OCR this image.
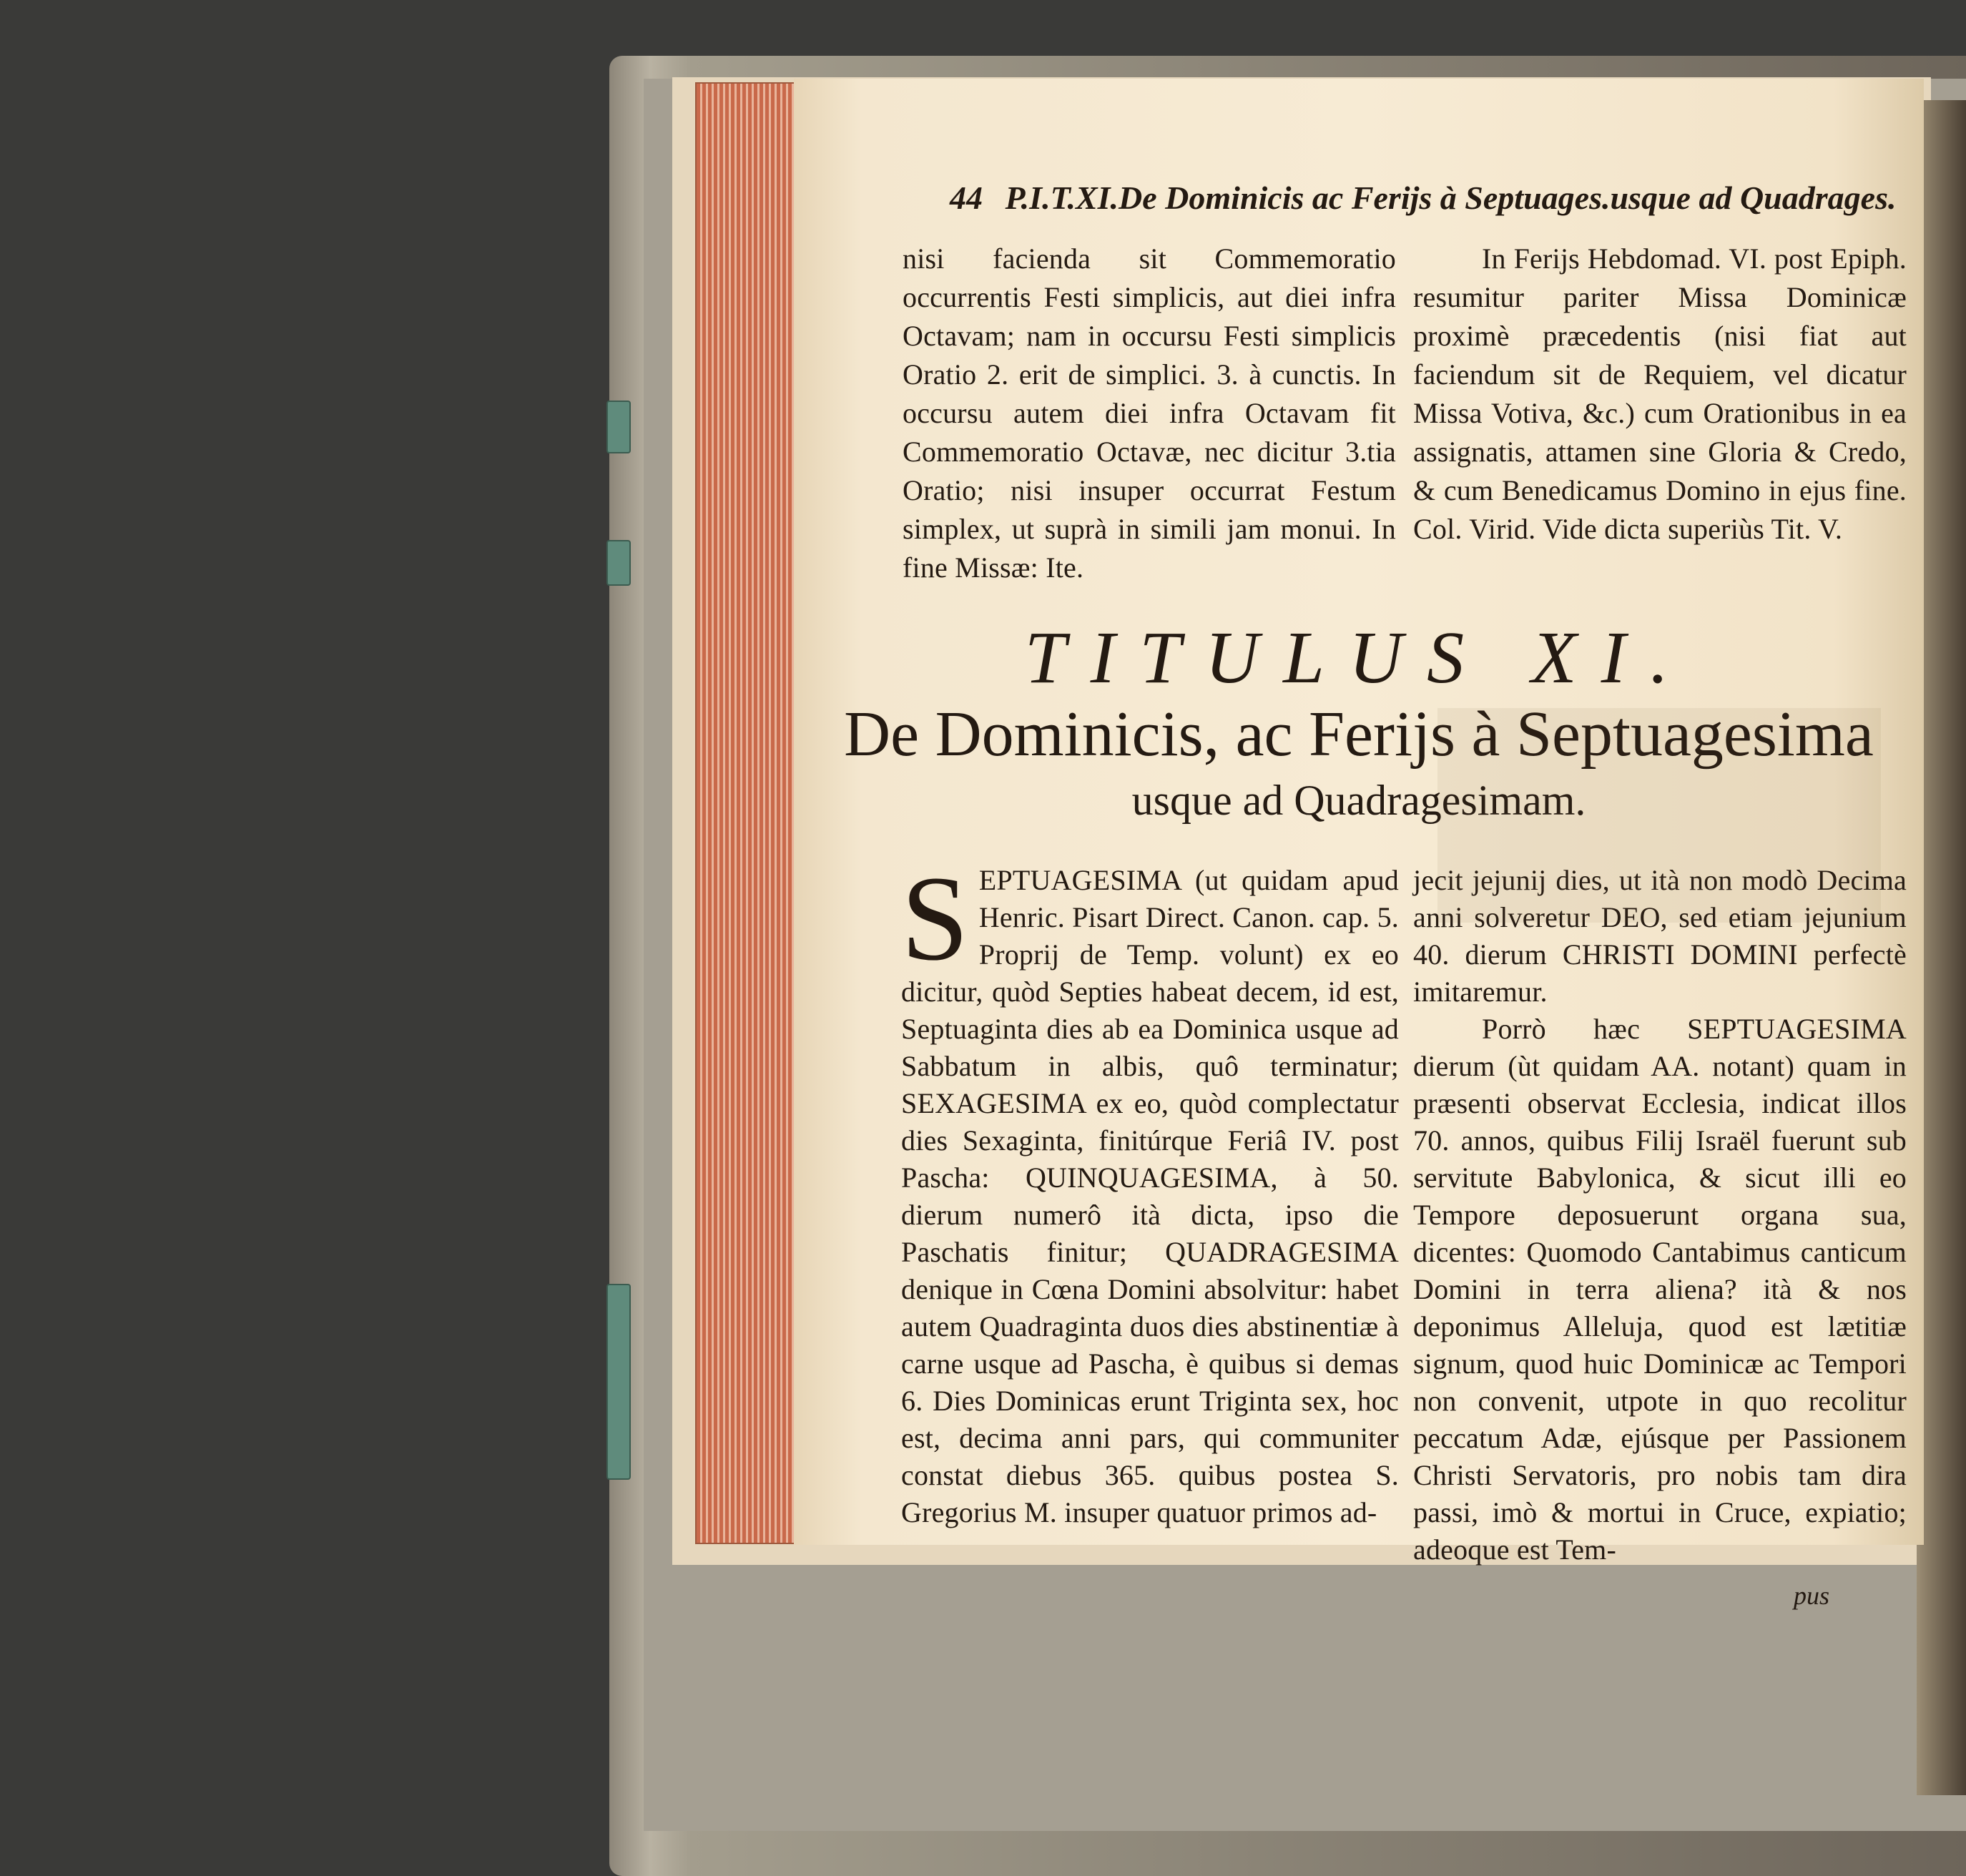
44 P.I.T.XI.De Dominicis ac Ferijs à Septuages.usque ad Quadrages.
nisi facienda sit Commemoratio occurrentis Festi simplicis, aut diei infra Octavam; nam in occursu Festi simplicis Oratio 2. erit de simplici. 3. à cunctis. In occursu autem diei infra Octavam fit Commemoratio Octavæ, nec dicitur 3.tia Oratio; nisi insuper occurrat Festum simplex, ut suprà in simili jam monui. In fine Missæ: Ite.
In Ferijs Hebdomad. VI. post Epiph. resumitur pariter Missa Dominicæ proximè præcedentis (nisi fiat aut faciendum sit de Requiem, vel dicatur Missa Votiva, &c.) cum Orationibus in ea assignatis, attamen sine Gloria & Credo, & cum Benedicamus Domino in ejus fine. Col. Virid. Vide dicta superiùs Tit. V.
TITULUS XI.
De Dominicis, ac Ferijs à Septuagesima
usque ad Quadragesimam.
S EPTUAGESIMA (ut quidam apud Henric. Pisart Direct. Canon. cap. 5. Proprij de Temp. volunt) ex eo dicitur, quòd Septies habeat decem, id est, Septuaginta dies ab ea Dominica usque ad Sabbatum in albis, quô terminatur; SEXAGESIMA ex eo, quòd complectatur dies Sexaginta, finitúrque Feriâ IV. post Pascha: QUINQUAGESIMA, à 50. dierum numerô ità dicta, ipso die Paschatis finitur; QUADRAGESIMA denique in Cœna Domini absolvitur: habet autem Quadraginta duos dies abstinentiæ à carne usque ad Pascha, è quibus si demas 6. Dies Dominicas erunt Triginta sex, hoc est, decima anni pars, qui communiter constat diebus 365. quibus postea S. Gregorius M. insuper quatuor primos ad-
jecit jejunij dies, ut ità non modò Decima anni solveretur DEO, sed etiam jejunium 40. dierum CHRISTI DOMINI perfectè imitaremur.
Porrò hæc SEPTUAGESIMA dierum (ùt quidam AA. notant) quam in præsenti observat Ecclesia, indicat illos 70. annos, quibus Filij Israël fuerunt sub servitute Babylonica, & sicut illi eo Tempore deposuerunt organa sua, dicentes: Quomodo Cantabimus canticum Domini in terra aliena? ità & nos deponimus Alleluja, quod est lætitiæ signum, quod huic Dominicæ ac Tempori non convenit, utpote in quo recolitur peccatum Adæ, ejúsque per Passionem Christi Servatoris, pro nobis tam dira passi, imò & mortui in Cruce, expiatio; adeoque est Tem-
pus
